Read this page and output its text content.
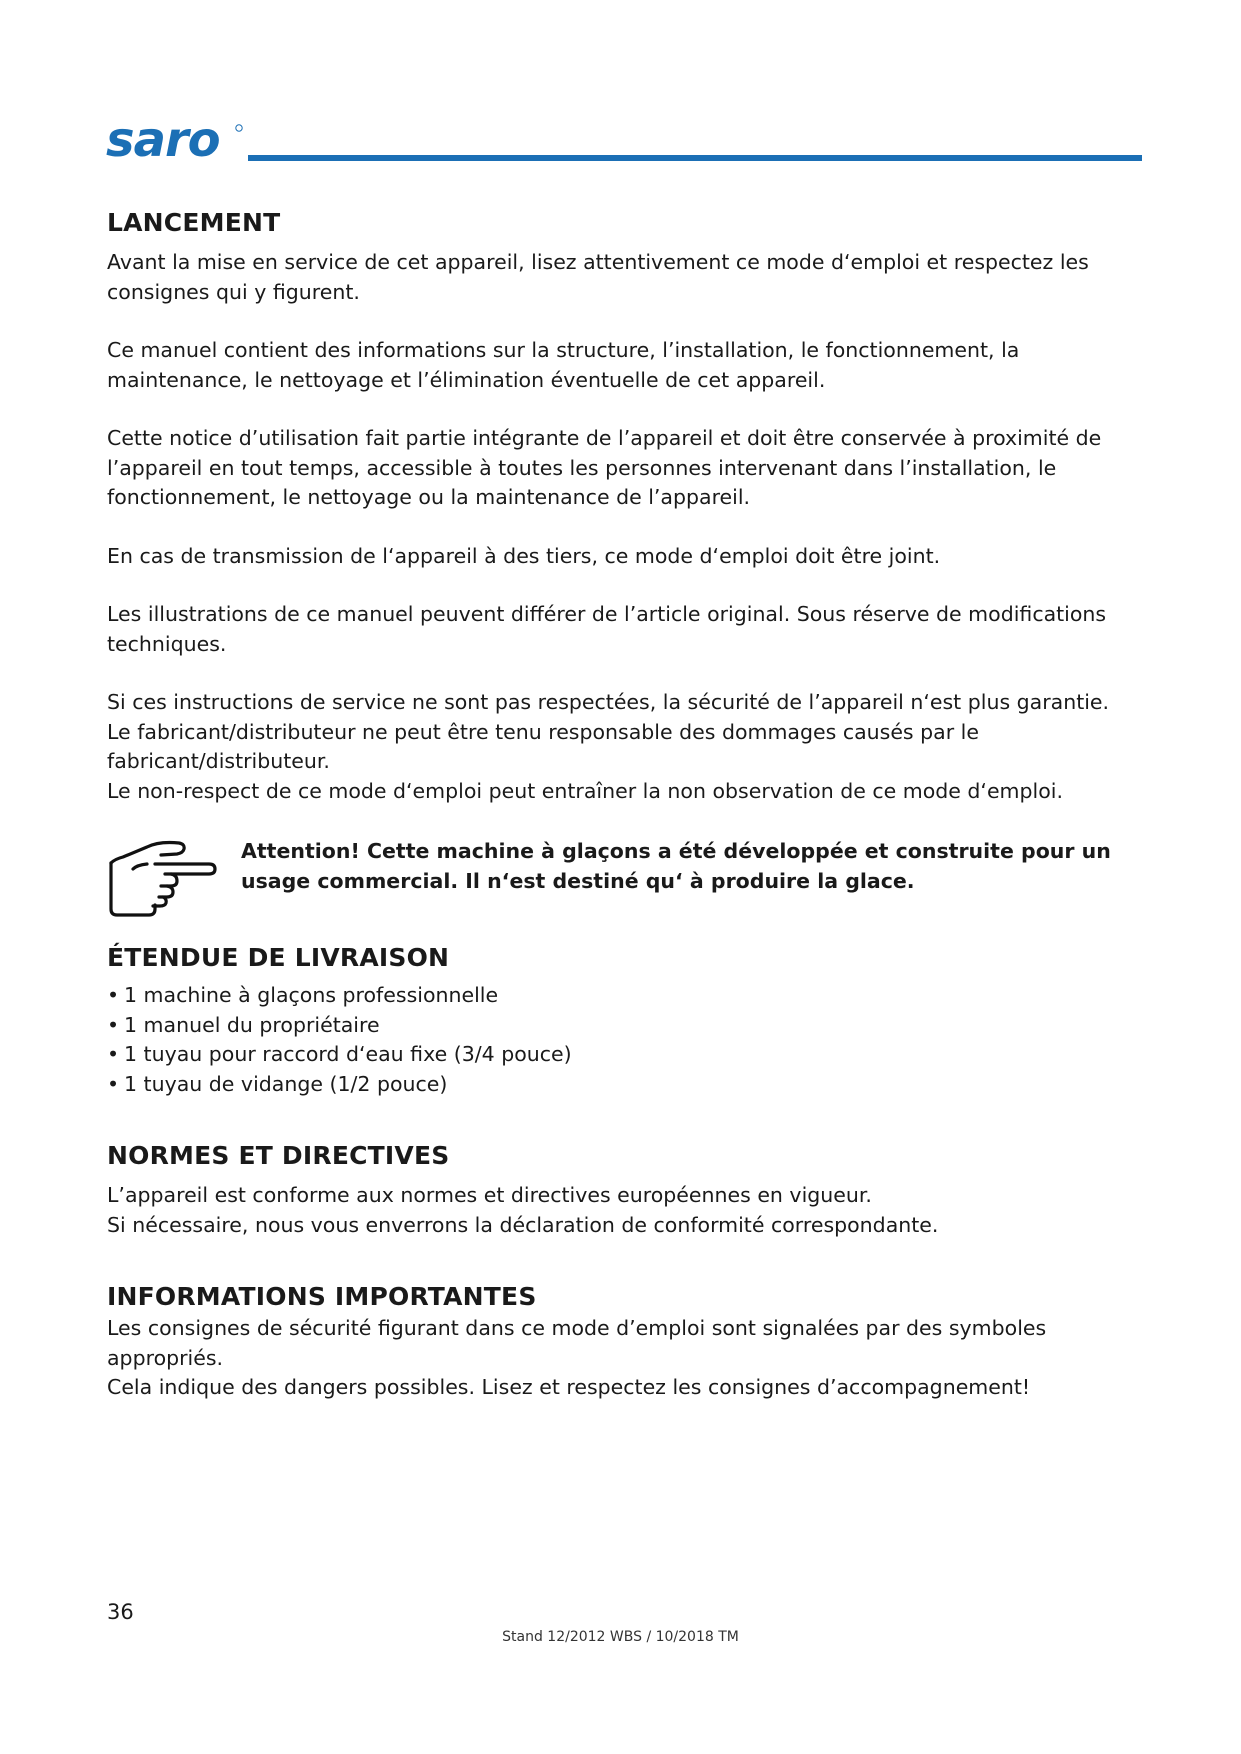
saro
LANCEMENT

Avant la mise en service de cet appareil, lisez attentivement ce mode d‘emploi et respectez les consignes qui y figurent.

Ce manuel contient des informations sur la structure, l’installation, le fonctionnement, la maintenance, le nettoyage et l’élimination éventuelle de cet appareil.

Cette notice d’utilisation fait partie intégrante de l’appareil et doit être conservée à proximité de l’appareil en tout temps, accessible à toutes les personnes intervenant dans l’installation, le fonctionnement, le nettoyage ou la maintenance de l’appareil.

En cas de transmission de l‘appareil à des tiers, ce mode d‘emploi doit être joint.

Les illustrations de ce manuel peuvent différer de l’article original. Sous réserve de modifications techniques.

Si ces instructions de service ne sont pas respectées, la sécurité de l’appareil n‘est plus garantie.

Le fabricant/distributeur ne peut être tenu responsable des dommages causés par le fabricant/distributeur.

Le non-respect de ce mode d‘emploi peut entraîner la non observation de ce mode d‘emploi.

Attention! Cette machine à glaçons a été développée et construite pour un usage commercial. Il n‘est destiné qu‘ à produire la glace.
ÉTENDUE DE LIVRAISON
• 1 machine à glaçons professionnelle
• 1 manuel du propriétaire
• 1 tuyau pour raccord d‘eau fixe (3/4 pouce)
• 1 tuyau de vidange (1/2 pouce)
NORMES ET DIRECTIVES

L’appareil est conforme aux normes et directives européennes en vigueur.

Si nécessaire, nous vous enverrons la déclaration de conformité correspondante.

INFORMATIONS IMPORTANTES

Les consignes de sécurité figurant dans ce mode d’emploi sont signalées par des symboles appropriés.

Cela indique des dangers possibles. Lisez et respectez les consignes d’accompagnement!

36
Stand 12/2012 WBS / 10/2018 TM
